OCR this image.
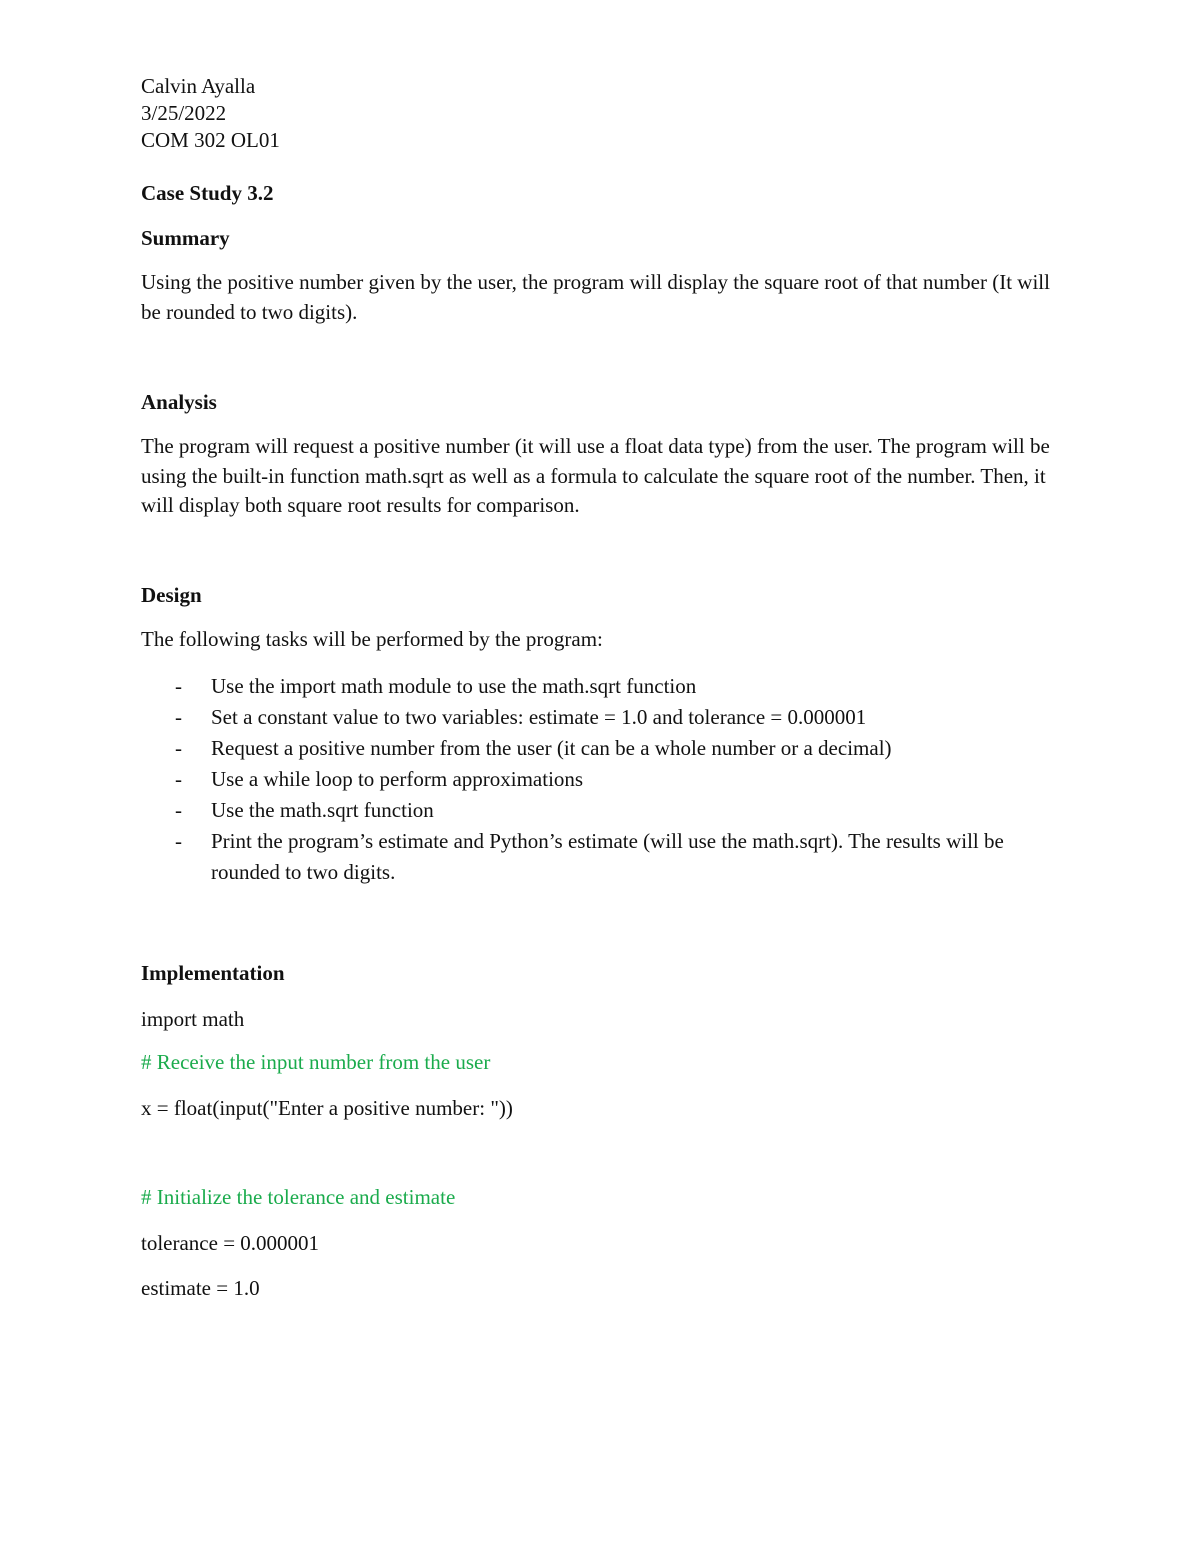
Calvin Ayalla
3/25/2022
COM 302 OL01
Case Study 3.2
Summary
Using the positive number given by the user, the program will display the square root of that number (It will be rounded to two digits).
Analysis
The program will request a positive number (it will use a float data type) from the user. The program will be using the built-in function math.sqrt as well as a formula to calculate the square root of the number. Then, it will display both square root results for comparison.
Design
The following tasks will be performed by the program:
- Use the import math module to use the math.sqrt function
- Set a constant value to two variables: estimate = 1.0 and tolerance = 0.000001
- Request a positive number from the user (it can be a whole number or a decimal)
- Use a while loop to perform approximations
- Use the math.sqrt function
- Print the program’s estimate and Python’s estimate (will use the math.sqrt). The results will be rounded to two digits.
Implementation
import math
# Receive the input number from the user
x = float(input("Enter a positive number: "))
# Initialize the tolerance and estimate
tolerance = 0.000001
estimate = 1.0
